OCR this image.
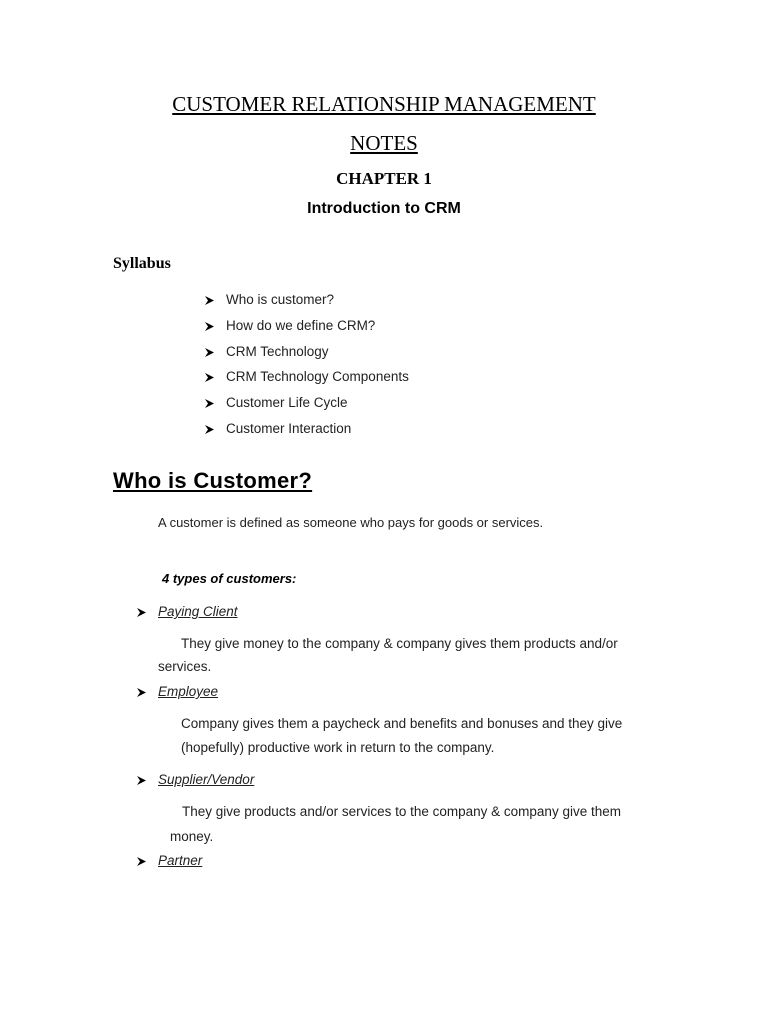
CUSTOMER RELATIONSHIP MANAGEMENT
NOTES
CHAPTER 1
Introduction to CRM
Syllabus
Who is customer?
How do we define CRM?
CRM Technology
CRM Technology Components
Customer Life Cycle
Customer Interaction
Who is Customer?

A customer is defined as someone who pays for goods or services.

4 types of customers:
Paying Client
They give money to the company & company gives them products and/or
services.
Employee
Company gives them a paycheck and benefits and bonuses and they give
(hopefully) productive work in return to the company.
Supplier/Vendor
They give products and/or services to the company & company give them
money.
Partner
